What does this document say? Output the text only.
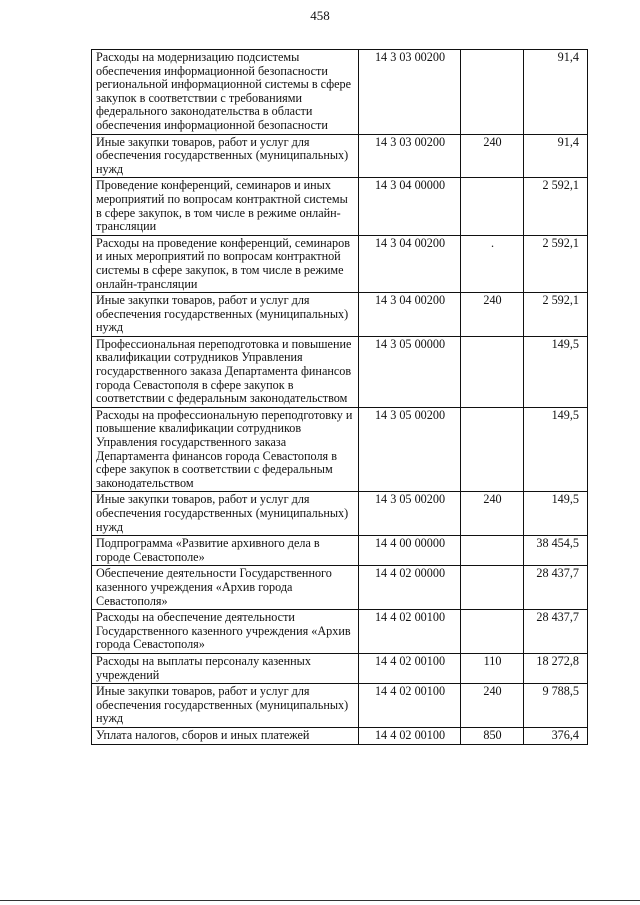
458
Расходы на модернизацию подсистемы обеспечения информационной безопасности региональной информационной системы в сфере закупок в соответствии с требованиями федерального законодательства в области обеспечения информационной безопасности	14 3 03 00200		91,4
Иные закупки товаров, работ и услуг для обеспечения государственных (муниципальных) нужд	14 3 03 00200	240	91,4
Проведение конференций, семинаров и иных мероприятий по вопросам контрактной системы в сфере закупок, в том числе в режиме онлайн-трансляции	14 3 04 00000		2 592,1
Расходы на проведение конференций, семинаров и иных мероприятий по вопросам контрактной системы в сфере закупок, в том числе в режиме онлайн-трансляции	14 3 04 00200	.	2 592,1
Иные закупки товаров, работ и услуг для обеспечения государственных (муниципальных) нужд	14 3 04 00200	240	2 592,1
Профессиональная переподготовка и повышение квалификации сотрудников Управления государственного заказа Департамента финансов города Севастополя в сфере закупок в соответствии с федеральным законодательством	14 3 05 00000		149,5
Расходы на профессиональную переподготовку и повышение квалификации сотрудников Управления государственного заказа Департамента финансов города Севастополя в сфере закупок в соответствии с федеральным законодательством	14 3 05 00200		149,5
Иные закупки товаров, работ и услуг для обеспечения государственных (муниципальных) нужд	14 3 05 00200	240	149,5
Подпрограмма «Развитие архивного дела в городе Севастополе»	14 4 00 00000		38 454,5
Обеспечение деятельности Государственного казенного учреждения «Архив города Севастополя»	14 4 02 00000		28 437,7
Расходы на обеспечение деятельности Государственного казенного учреждения «Архив города Севастополя»	14 4 02 00100		28 437,7
Расходы на выплаты персоналу казенных учреждений	14 4 02 00100	110	18 272,8
Иные закупки товаров, работ и услуг для обеспечения государственных (муниципальных) нужд	14 4 02 00100	240	9 788,5
Уплата налогов, сборов и иных платежей	14 4 02 00100	850	376,4
